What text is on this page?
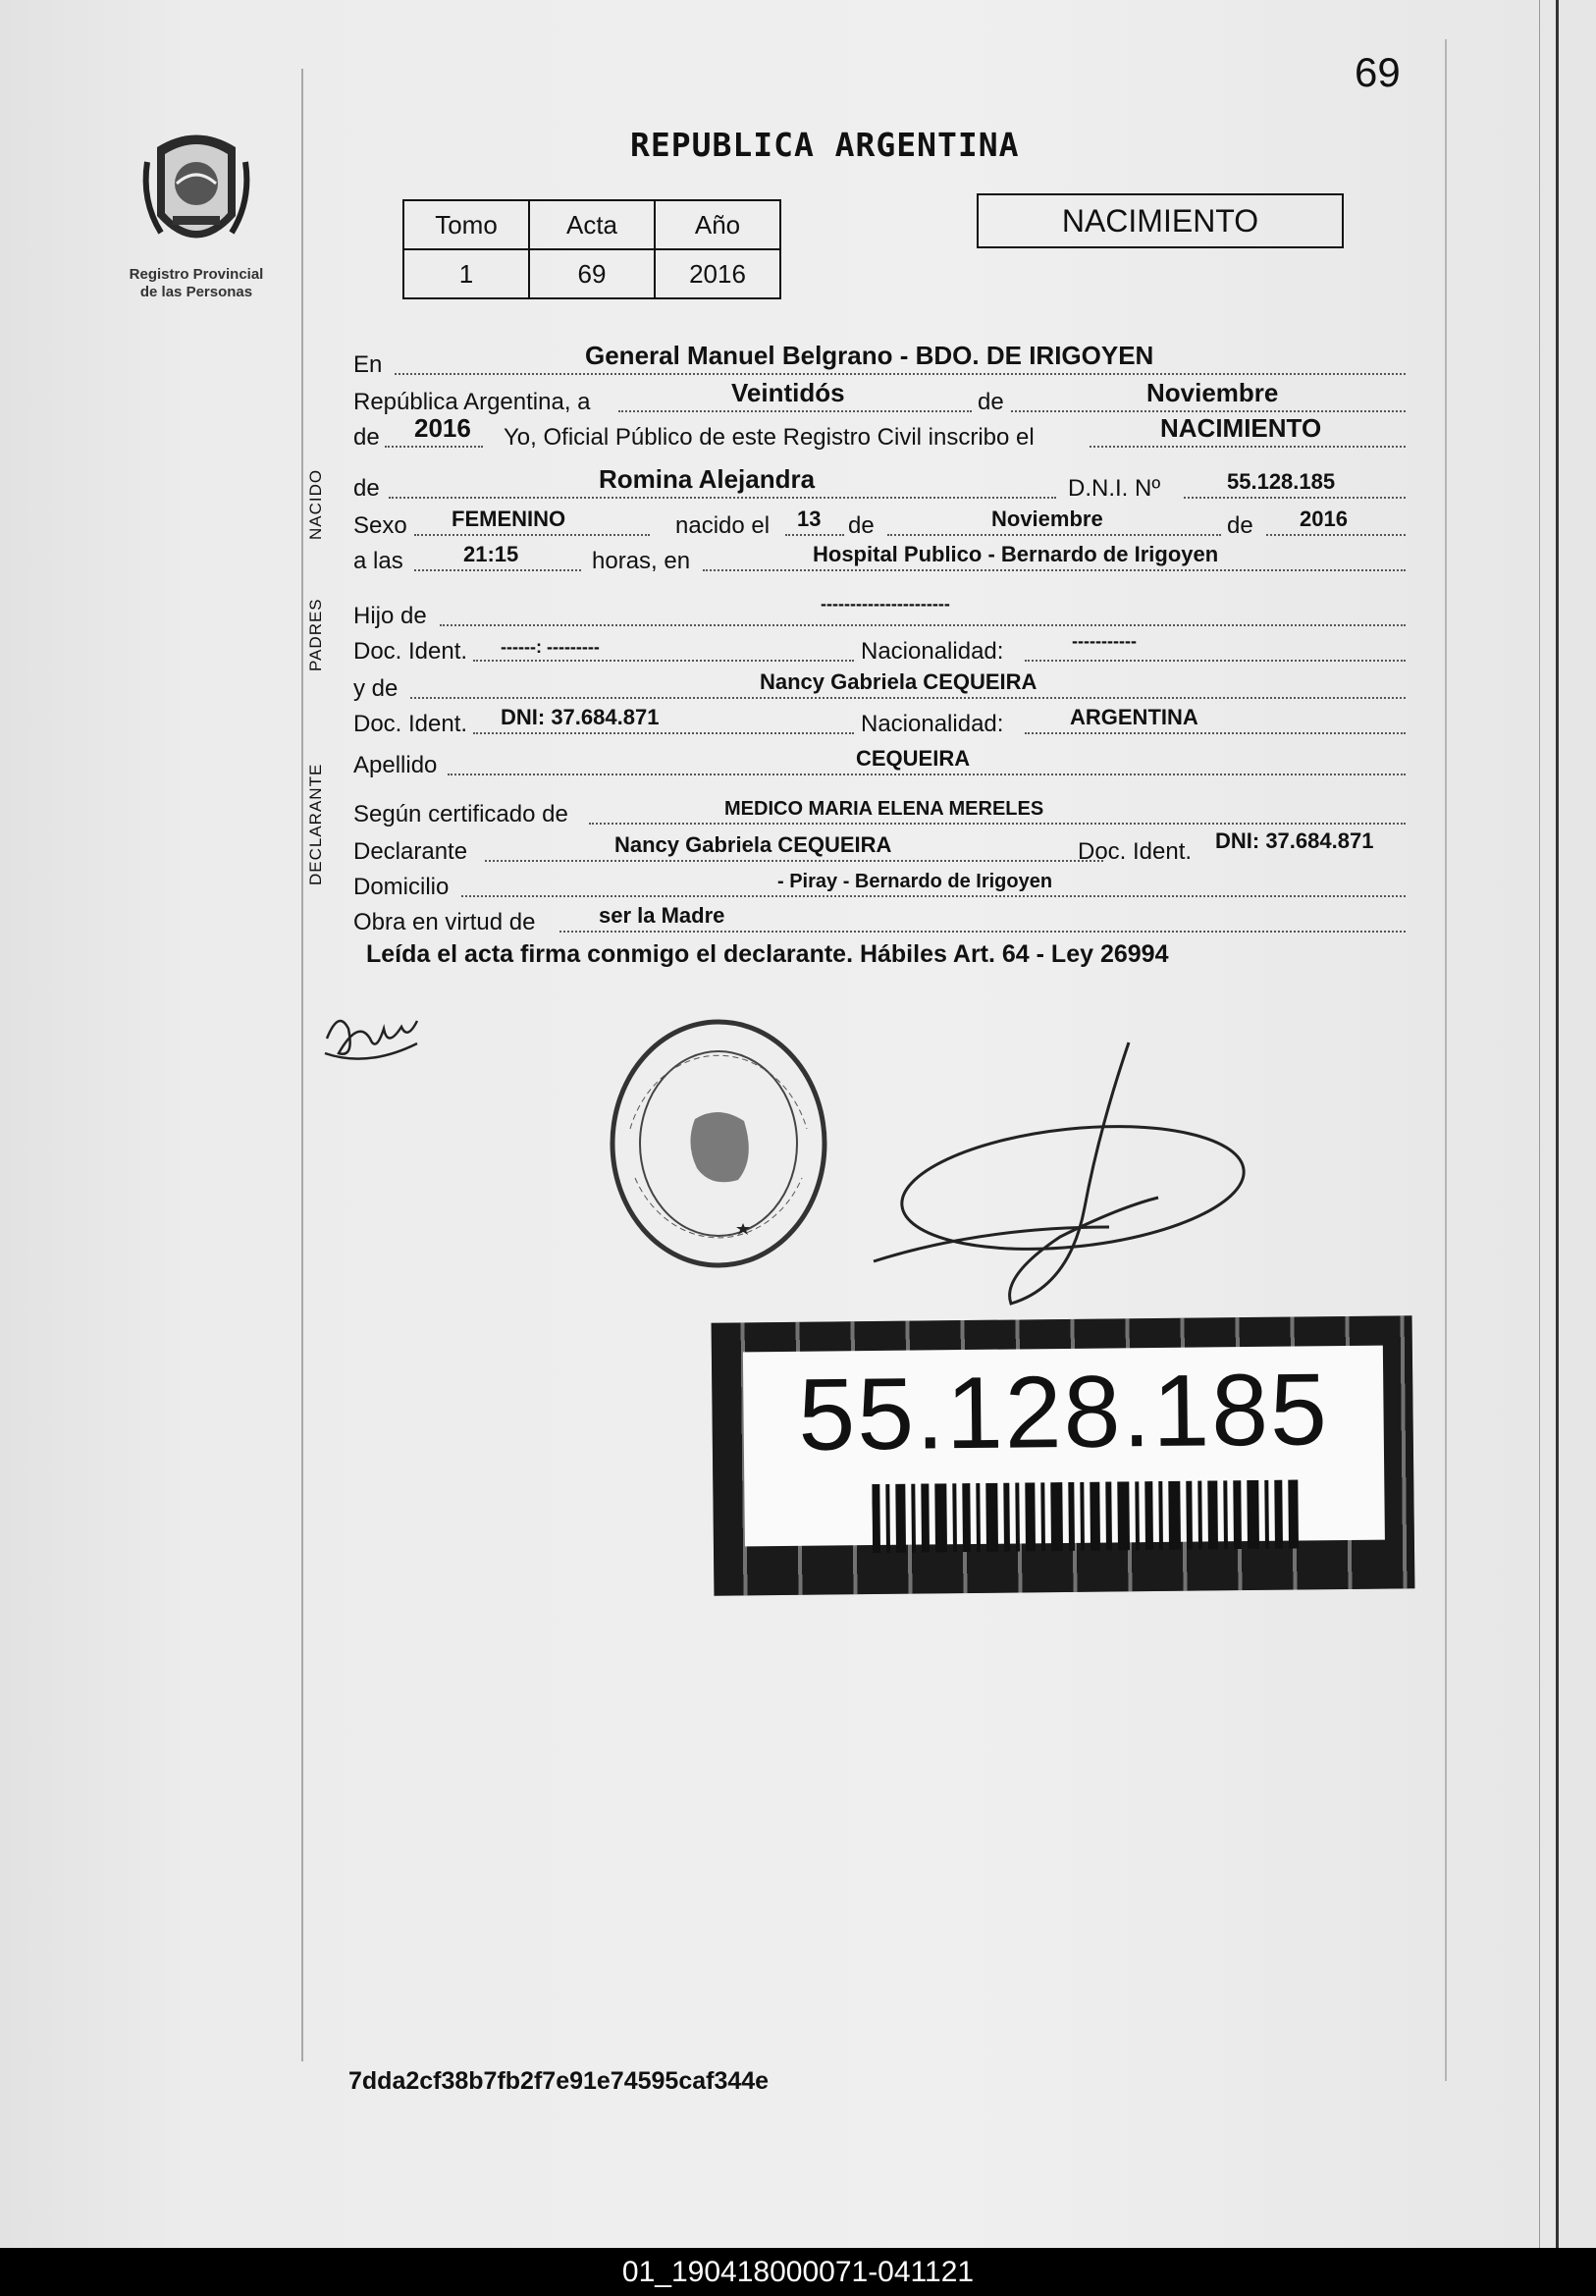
69
Registro Provincial
de las Personas
REPUBLICA ARGENTINA
Tomo	Acta	Año
1	69	2016
NACIMIENTO
NACIDO
PADRES
DECLARANTE
En	General Manuel Belgrano - BDO. DE IRIGOYEN
República Argentina, a	Veintidós	de	Noviembre
de 2016 Yo, Oficial Público de este Registro Civil inscribo el	NACIMIENTO
de	Romina Alejandra	D.N.I. Nº	55.128.185
Sexo FEMENINO	nacido el 13 de	Noviembre	de 2016
a las	21:15	horas, en	Hospital Publico - Bernardo de Irigoyen
Hijo de	----------------------
Doc. Ident. ------: ---------	Nacionalidad:	-----------
y de	Nancy Gabriela CEQUEIRA
Doc. Ident. DNI: 37.684.871	Nacionalidad:	ARGENTINA
Apellido	CEQUEIRA
Según certificado de	MEDICO MARIA ELENA MERELES
Declarante	Nancy Gabriela CEQUEIRA	Doc. Ident. DNI: 37.684.871
Domicilio	- Piray - Bernardo de Irigoyen
Obra en virtud de	ser la Madre
Leída el acta firma conmigo el declarante. Hábiles Art. 64 - Ley 26994
55.128.185
7dda2cf38b7fb2f7e91e74595caf344e
01_190418000071-041121
